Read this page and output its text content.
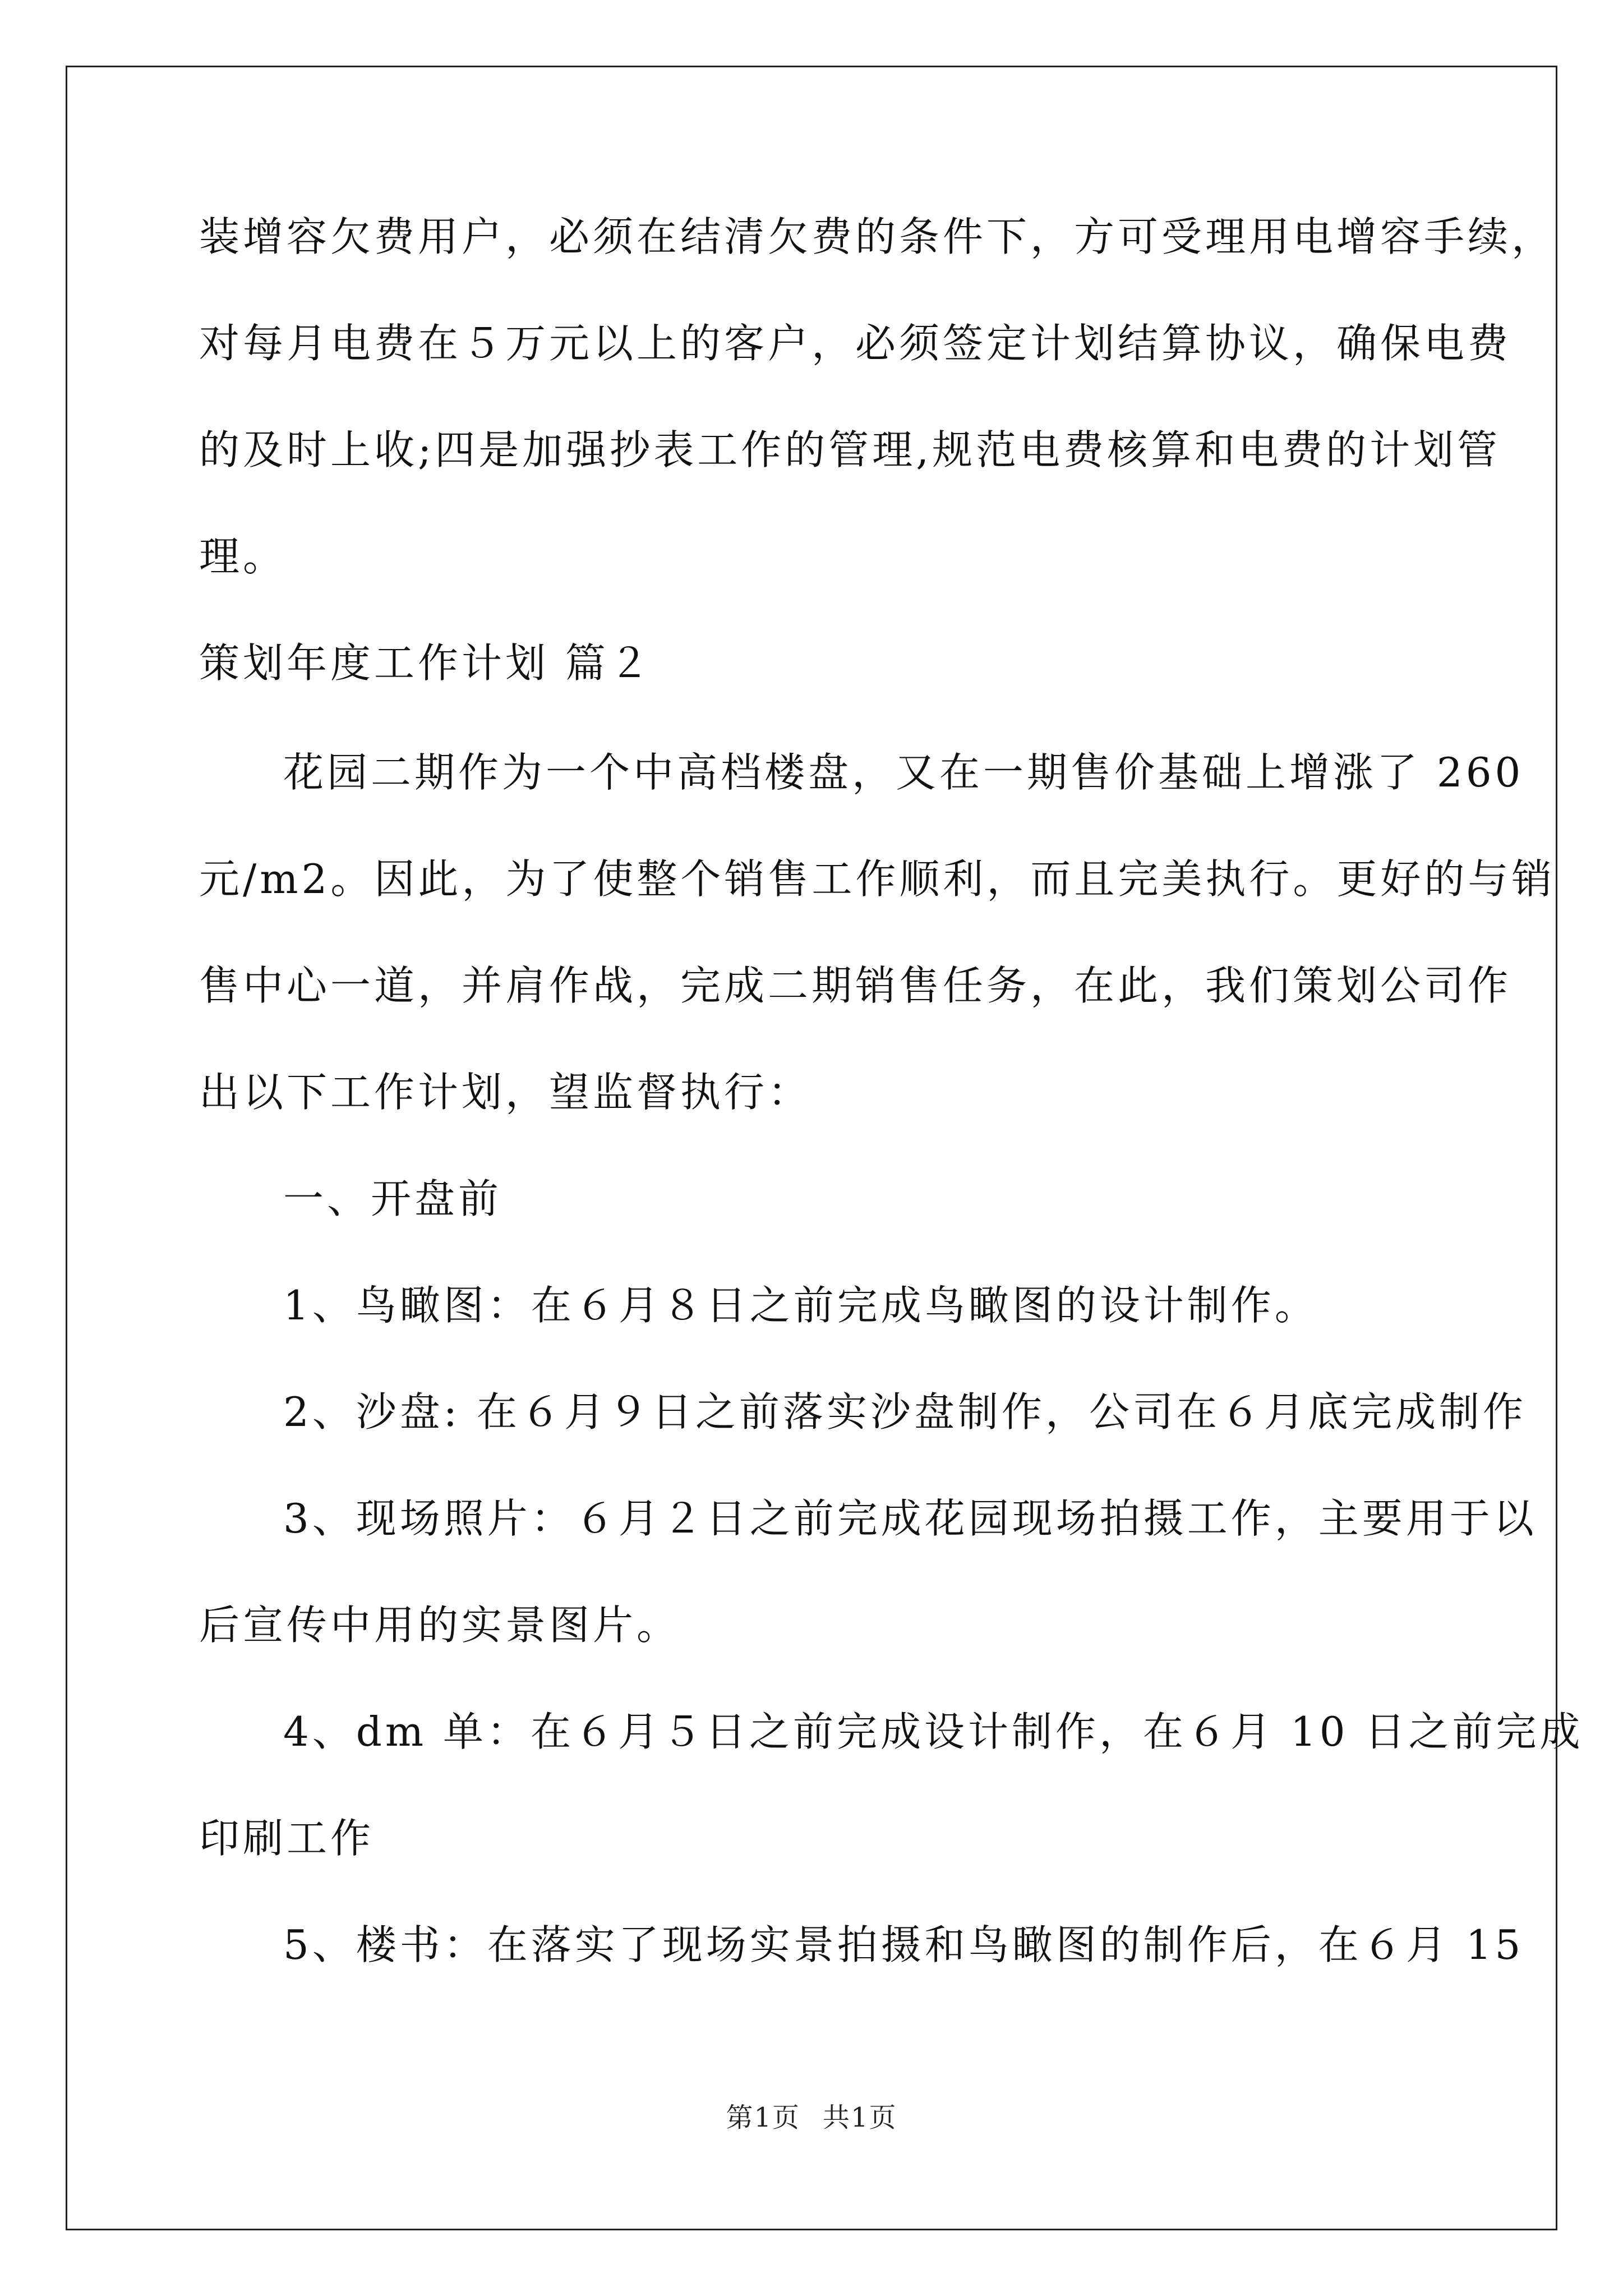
装增容欠费用户，必须在结清欠费的条件下，方可受理用电增容手续，
对每月电费在５万元以上的客户，必须签定计划结算协议，确保电费
的及时上收;四是加强抄表工作的管理,规范电费核算和电费的计划管
理。
策划年度工作计划 篇２
花园二期作为一个中高档楼盘，又在一期售价基础上增涨了 260
元/m2。因此，为了使整个销售工作顺利，而且完美执行。更好的与销
售中心一道，并肩作战，完成二期销售任务，在此，我们策划公司作
出以下工作计划，望监督执行：
一、开盘前
1、鸟瞰图：在６月８日之前完成鸟瞰图的设计制作。
2、沙盘: 在６月９日之前落实沙盘制作，公司在６月底完成制作
3、现场照片：６月２日之前完成花园现场拍摄工作，主要用于以
后宣传中用的实景图片。
4、dm 单：在６月５日之前完成设计制作，在６月 10 日之前完成
印刷工作
5、楼书：在落实了现场实景拍摄和鸟瞰图的制作后，在６月 15
第1页 共1页
